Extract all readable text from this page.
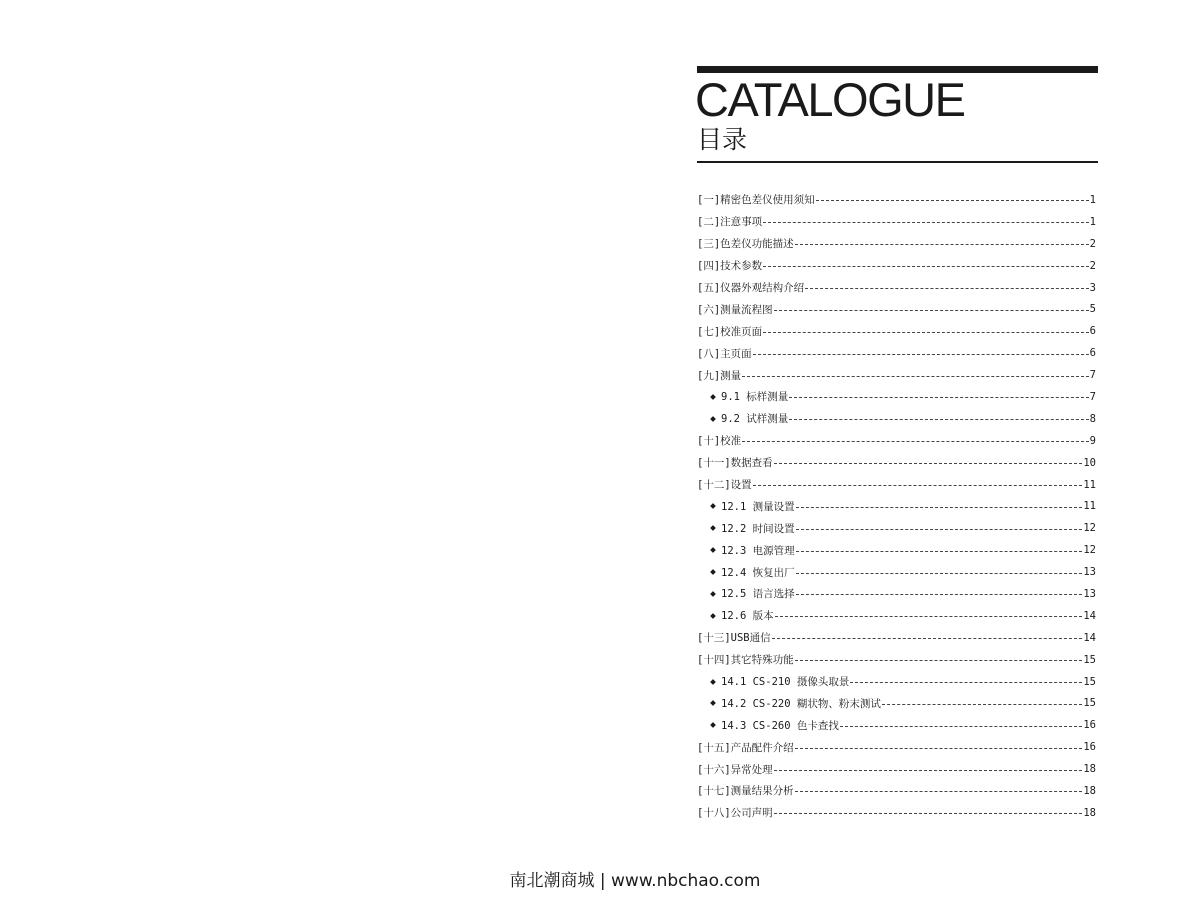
CATALOGUE
目录
[一]精密色差仪使用须知	1
[二]注意事项	1
[三]色差仪功能描述	2
[四]技术参数	2
[五]仪器外观结构介绍	3
[六]测量流程图	5
[七]校准页面	6
[八]主页面	6
[九]测量	7
9.1 标样测量	7
9.2 试样测量	8
[十]校准	9
[十一]数据查看	10
[十二]设置	11
12.1 测量设置	11
12.2 时间设置	12
12.3 电源管理	12
12.4 恢复出厂	13
12.5 语言选择	13
12.6 版本	14
[十三]USB通信	14
[十四]其它特殊功能	15
14.1 CS-210 摄像头取景	15
14.2 CS-220 糊状物、粉末测试	15
14.3 CS-260 色卡查找	16
[十五]产品配件介绍	16
[十六]异常处理	18
[十七]测量结果分析	18
[十八]公司声明	18
南北潮商城 | www.nbchao.com
